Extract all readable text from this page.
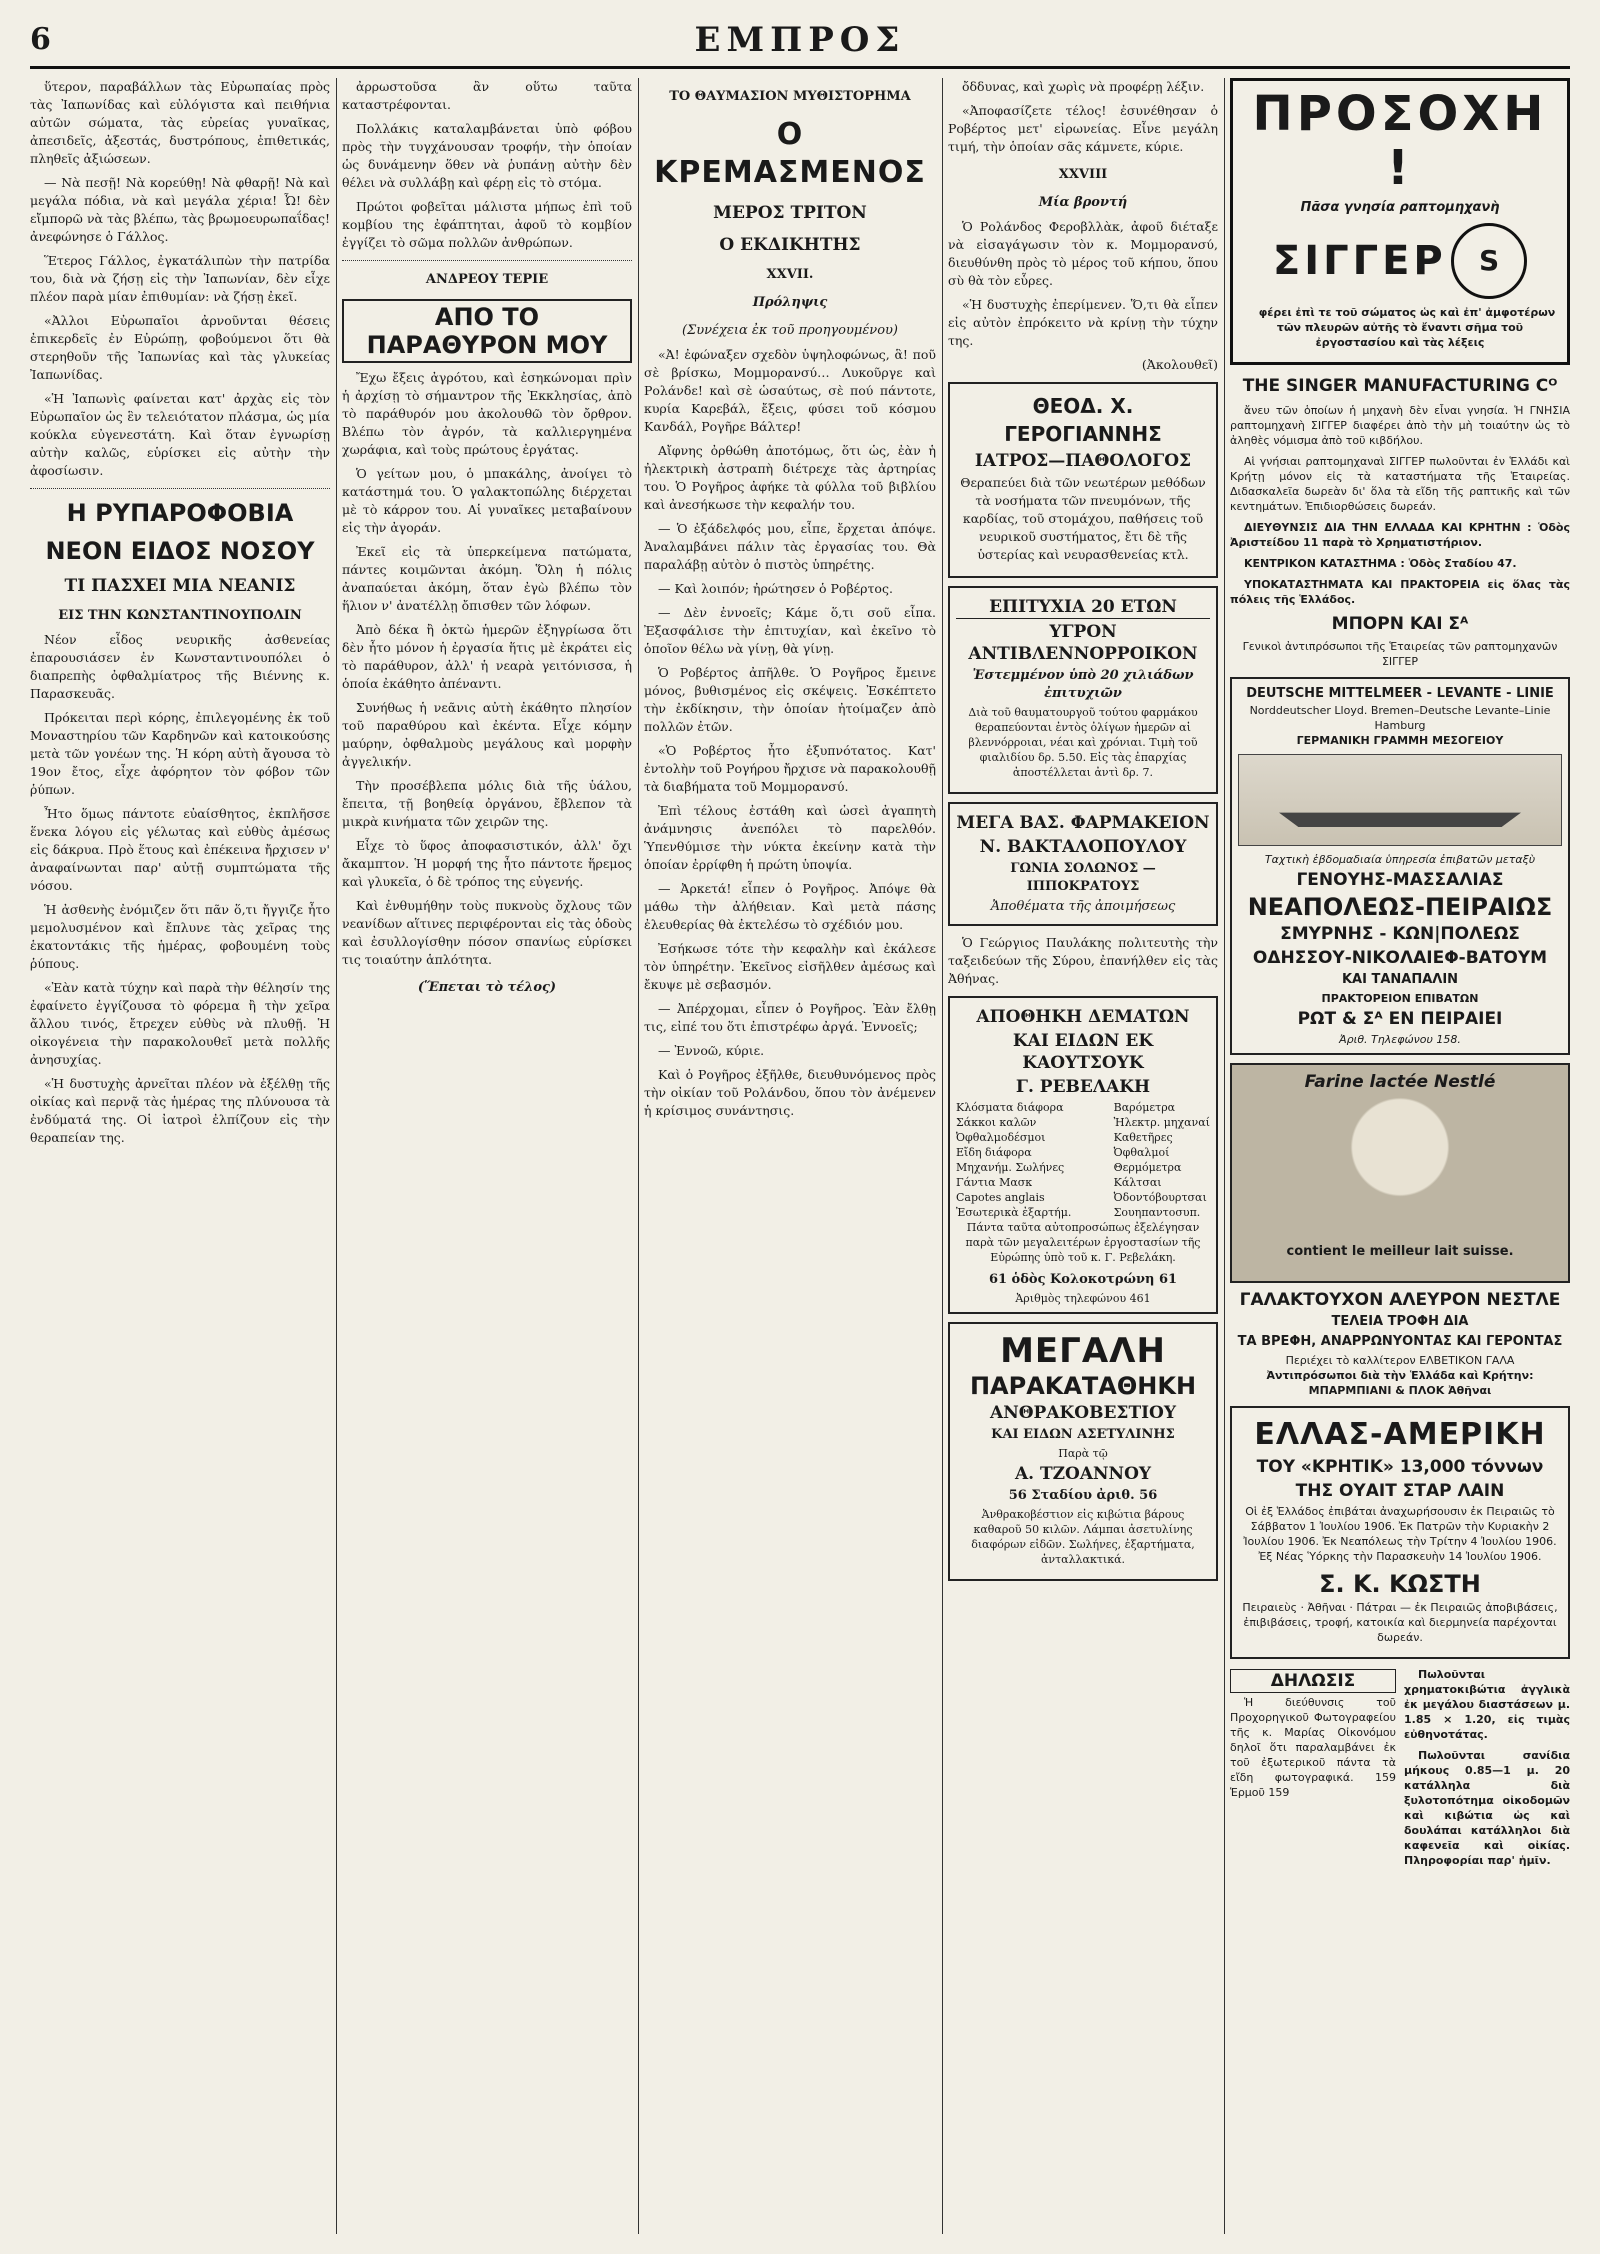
6	ΕΜΠΡΟΣ

ὕτερον, παραβάλλων τὰς Εὐρωπαίας πρὸς τὰς Ἰαπωνίδας καὶ εὐλόγιστα καὶ πειθήνια αὐτῶν σώματα, τὰς εὐρείας γυναῖκας, ἀπεσιδεῖς, ἀξεστάς, δυστρόπους, ἐπιθετικάς, πληθεῖς ἀξιώσεων.

— Νὰ πεσῇ! Νὰ κορεύθῃ! Νὰ φθαρῇ! Νὰ καὶ μεγάλα πόδια, νὰ καὶ μεγάλα χέρια! Ὦ! δὲν εἴμπορῶ νὰ τὰς βλέπω, τὰς βρωμοευρωπαΐδας! ἀνεφώνησε ὁ Γάλλος.

Ἕτερος Γάλλος, ἐγκατάλιπὼν τὴν πατρίδα του, διὰ νὰ ζήσῃ εἰς τὴν Ἰαπωνίαν, δὲν εἶχε πλέον παρὰ μίαν ἐπιθυμίαν: νὰ ζήσῃ ἐκεῖ.

«Ἀλλοι Εὐρωπαῖοι ἀρνοῦνται θέσεις ἐπικερδεῖς ἐν Εὐρώπῃ, φοβούμενοι ὅτι θὰ στερηθοῦν τῆς Ἰαπωνίας καὶ τὰς γλυκείας Ἰαπωνίδας.

«Ἡ Ἰαπωνὶς φαίνεται κατ' ἀρχὰς εἰς τὸν Εὐρωπαῖον ὡς ἓν τελειότατον πλάσμα, ὡς μία κούκλα εὐγενεστάτη. Καὶ ὅταν ἐγνωρίσῃ αὐτὴν καλῶς, εὑρίσκει εἰς αὐτὴν τὴν ἀφοσίωσιν.

Η ΡΥΠΑΡΟΦΟΒΙΑ
ΝΕΟΝ ΕΙΔΟΣ ΝΟΣΟΥ
ΤΙ ΠΑΣΧΕΙ ΜΙΑ ΝΕΑΝΙΣ
ΕΙΣ ΤΗΝ ΚΩΝΣΤΑΝΤΙΝΟΥΠΟΛΙΝ

Νέον εἶδος νευρικῆς ἀσθενείας ἐπαρουσιάσεν ἐν Κωνσταντινουπόλει ὁ διαπρεπὴς ὀφθαλμίατρος τῆς Βιέννης κ. Παρασκευᾶς.

Πρόκειται περὶ κόρης, ἐπιλεγομένης ἐκ τοῦ Μοναστηρίου τῶν Καρδηνῶν καὶ κατοικούσης μετὰ τῶν γονέων της. Ἡ κόρη αὐτὴ ἄγουσα τὸ 19ον ἔτος, εἶχε ἀφόρητον τὸν φόβον τῶν ῥύπων.

Ἦτο ὅμως πάντοτε εὐαίσθητος, ἐκπλῆσσε ἕνεκα λόγου εἰς γέλωτας καὶ εὐθὺς ἀμέσως εἰς δάκρυα. Πρὸ ἕτους καὶ ἐπέκεινα ἤρχισεν ν' ἀναφαίνωνται παρ' αὐτῇ συμπτώματα τῆς νόσου.

Ἡ ἀσθενὴς ἐνόμιζεν ὅτι πᾶν ὅ,τι ἤγγιζε ἦτο μεμολυσμένον καὶ ἔπλυνε τὰς χεῖρας της ἑκατοντάκις τῆς ἡμέρας, φοβουμένη τοὺς ῥύπους.

«Ἐὰν κατὰ τύχην καὶ παρὰ τὴν θέλησίν της ἐφαίνετο ἐγγίζουσα τὸ φόρεμα ἢ τὴν χεῖρα ἄλλου τινός, ἔτρεχεν εὐθὺς νὰ πλυθῇ. Ἡ οἰκογένεια τὴν παρακολουθεῖ μετὰ πολλῆς ἀνησυχίας.

«Ἡ δυστυχὴς ἀρνεῖται πλέον νὰ ἐξέλθῃ τῆς οἰκίας καὶ περνᾷ τὰς ἡμέρας της πλύνουσα τὰ ἐνδύματά της. Οἱ ἰατροὶ ἐλπίζουν εἰς τὴν θεραπείαν της.

ἀρρωστοῦσα ἂν οὕτω ταῦτα καταστρέφονται.

Πολλάκις καταλαμβάνεται ὑπὸ φόβου πρὸς τὴν τυγχάνουσαν τροφήν, τὴν ὁποίαν ὡς δυνάμενην ὅθεν νὰ ῥυπάνῃ αὐτὴν δὲν θέλει νὰ συλλάβῃ καὶ φέρῃ εἰς τὸ στόμα.

Πρώτοι φοβεῖται μάλιστα μήπως ἐπὶ τοῦ κομβίου της ἐφάπτηται, ἀφοῦ τὸ κομβίον ἐγγίζει τὸ σῶμα πολλῶν ἀνθρώπων.

ΑΝΔΡΕΟΥ ΤΕΡΙΕ
ΑΠΟ ΤΟ ΠΑΡΑΘΥΡΟΝ ΜΟΥ

Ἔχω ἔξεις ἀγρότου, καὶ ἐσηκώνομαι πρὶν ἡ ἀρχίσῃ τὸ σήμαντρον τῆς Ἐκκλησίας, ἀπὸ τὸ παράθυρόν μου ἀκολουθῶ τὸν ὄρθρον. Βλέπω τὸν ἀγρόν, τὰ καλλιεργημένα χωράφια, καὶ τοὺς πρώτους ἐργάτας.

Ὁ γείτων μου, ὁ μπακάλης, ἀνοίγει τὸ κατάστημά του. Ὁ γαλακτοπώλης διέρχεται μὲ τὸ κάρρον του. Αἱ γυναῖκες μεταβαίνουν εἰς τὴν ἀγοράν.

Ἐκεῖ εἰς τὰ ὑπερκείμενα πατώματα, πάντες κοιμῶνται ἀκόμη. Ὅλη ἡ πόλις ἀναπαύεται ἀκόμη, ὅταν ἐγὼ βλέπω τὸν ἥλιον ν' ἀνατέλλῃ ὄπισθεν τῶν λόφων.

Ἀπὸ δέκα ἢ ὀκτὼ ἡμερῶν ἐξηγρίωσα ὅτι δὲν ἦτο μόνον ἡ ἐργασία ἥτις μὲ ἐκράτει εἰς τὸ παράθυρον, ἀλλ' ἡ νεαρὰ γειτόνισσα, ἡ ὁποία ἐκάθητο ἀπέναντι.

Συνήθως ἡ νεᾶνις αὐτὴ ἐκάθητο πλησίον τοῦ παραθύρου καὶ ἐκέντα. Εἶχε κόμην μαύρην, ὀφθαλμοὺς μεγάλους καὶ μορφὴν ἀγγελικήν.

Τὴν προσέβλεπα μόλις διὰ τῆς ὑάλου, ἔπειτα, τῇ βοηθείᾳ ὀργάνου, ἔβλεπον τὰ μικρὰ κινήματα τῶν χειρῶν της.

Εἶχε τὸ ὕφος ἀποφασιστικόν, ἀλλ' ὄχι ἄκαμπτον. Ἡ μορφή της ἦτο πάντοτε ἥρεμος καὶ γλυκεῖα, ὁ δὲ τρόπος της εὐγενής.

Καὶ ἐνθυμήθην τοὺς πυκνοὺς ὄχλους τῶν νεανίδων αἵτινες περιφέρονται εἰς τὰς ὁδοὺς καὶ ἐσυλλογίσθην πόσον σπανίως εὑρίσκει τις τοιαύτην ἁπλότητα.

(Ἕπεται τὸ τέλος)
ΤΟ ΘΑΥΜΑΣΙΟΝ ΜΥΘΙΣΤΟΡΗΜΑ
Ο ΚΡΕΜΑΣΜΕΝΟΣ
ΜΕΡΟΣ ΤΡΙΤΟΝ
Ο ΕΚΔΙΚΗΤΗΣ
XXVII.
Πρόληψις
(Συνέχεια ἐκ τοῦ προηγουμένου)

«Ἀ! ἐφώναξεν σχεδὸν ὑψηλοφώνως, ἃ! ποῦ σὲ βρίσκω, Μομμορανσύ… Λυκοῦργε καὶ Ρολάνδε! καὶ σὲ ὡσαύτως, σὲ πού πάντοτε, κυρία Καρεβάλ, ἔξεις, φύσει τοῦ κόσμου Κανδάλ, Ρογῆρε Βάλτερ!

Αἴφνης ὀρθώθη ἀποτόμως, ὅτι ὡς, ἐὰν ἡ ἠλεκτρικὴ ἀστραπὴ διέτρεχε τὰς ἀρτηρίας του. Ὁ Ρογῆρος ἀφήκε τὰ φύλλα τοῦ βιβλίου καὶ ἀνεσήκωσε τὴν κεφαλήν του.

— Ὁ ἐξάδελφός μου, εἶπε, ἔρχεται ἀπόψε. Ἀναλαμβάνει πάλιν τὰς ἐργασίας του. Θὰ παραλάβῃ αὐτὸν ὁ πιστὸς ὑπηρέτης.

— Καὶ λοιπόν; ἠρώτησεν ὁ Ροβέρτος.

— Δὲν ἐννοεῖς; Κάμε ὅ,τι σοῦ εἶπα. Ἐξασφάλισε τὴν ἐπιτυχίαν, καὶ ἐκεῖνο τὸ ὁποῖον θέλω νὰ γίνῃ, θὰ γίνῃ.

Ὁ Ροβέρτος ἀπῆλθε. Ὁ Ρογῆρος ἔμεινε μόνος, βυθισμένος εἰς σκέψεις. Ἐσκέπτετο τὴν ἐκδίκησιν, τὴν ὁποίαν ἠτοίμαζεν ἀπὸ πολλῶν ἐτῶν.

«Ὁ Ροβέρτος ἦτο ἐξυπνότατος. Κατ' ἐντολὴν τοῦ Ρογήρου ἤρχισε νὰ παρακολουθῇ τὰ διαβήματα τοῦ Μομμορανσύ.

Ἐπὶ τέλους ἐστάθη καὶ ὡσεὶ ἀγαπητὴ ἀνάμνησις ἀνεπόλει τὸ παρελθόν. Ὑπενθύμισε τὴν νύκτα ἐκείνην κατὰ τὴν ὁποίαν ἐρρίφθη ἡ πρώτη ὑποψία.

— Ἀρκετά! εἶπεν ὁ Ρογῆρος. Ἀπόψε θὰ μάθω τὴν ἀλήθειαν. Καὶ μετὰ πάσης ἐλευθερίας θὰ ἐκτελέσω τὸ σχέδιόν μου.

Ἐσήκωσε τότε τὴν κεφαλὴν καὶ ἐκάλεσε τὸν ὑπηρέτην. Ἐκεῖνος εἰσῆλθεν ἀμέσως καὶ ἔκυψε μὲ σεβασμόν.

— Ἀπέρχομαι, εἶπεν ὁ Ρογῆρος. Ἐὰν ἔλθῃ τις, εἰπέ του ὅτι ἐπιστρέφω ἀργά. Ἐννοεῖς;

— Ἐννοῶ, κύριε.

Καὶ ὁ Ρογῆρος ἐξῆλθε, διευθυνόμενος πρὸς τὴν οἰκίαν τοῦ Ρολάνδου, ὅπου τὸν ἀνέμενεν ἡ κρίσιμος συνάντησις.

ὄδδυνας, καὶ χωρὶς νὰ προφέρῃ λέξιν.

«Ἀποφασίζετε τέλος! ἐσυνέθησαν ὁ Ροβέρτος μετ' εἰρωνείας. Εἶνε μεγάλη τιμή, τὴν ὁποίαν σᾶς κάμνετε, κύριε.

XXVIII
Μία βροντή

Ὁ Ρολάνδος Φεροβλλὰκ, ἀφοῦ διέταξε νὰ εἰσαγάγωσιν τὸν κ. Μομμορανσύ, διευθύνθη πρὸς τὸ μέρος τοῦ κήπου, ὅπου σὺ θὰ τὸν εὗρες.

«Ἡ δυστυχὴς ἐπερίμενεν. Ὅ,τι θὰ εἶπεν εἰς αὐτὸν ἐπρόκειτο νὰ κρίνῃ τὴν τύχην της.

(Ἀκολουθεῖ)
ΘΕΟΔ. Χ. ΓΕΡΟΓΙΑΝΝΗΣ
ΙΑΤΡΟΣ—ΠΑΘΟΛΟΓΟΣ

Θεραπεύει διὰ τῶν νεωτέρων μεθόδων τὰ νοσήματα τῶν πνευμόνων, τῆς καρδίας, τοῦ στομάχου, παθήσεις τοῦ νευρικοῦ συστήματος, ἔτι δὲ τῆς ὑστερίας καὶ νευρασθενείας κτλ.

ΕΠΙΤΥΧΙΑ 20 ΕΤΩΝ
ΥΓΡΟΝ ΑΝΤΙΒΛΕΝΝΟΡΡΟΙΚΟΝ
Ἐστεμμένον ὑπὸ 20 χιλιάδων ἐπιτυχιῶν

Διὰ τοῦ θαυματουργοῦ τούτου φαρμάκου θεραπεύονται ἐντὸς ὀλίγων ἡμερῶν αἱ βλεννόρροιαι, νέαι καὶ χρόνιαι. Τιμὴ τοῦ φιαλιδίου δρ. 5.50. Εἰς τὰς ἐπαρχίας ἀποστέλλεται ἀντὶ δρ. 7.

ΜΕΓΑ ΒΑΣ. ΦΑΡΜΑΚΕΙΟΝ
Ν. ΒΑΚΤΑΛΟΠΟΥΛΟΥ
ΓΩΝΙΑ ΣΟΛΩΝΟΣ — ΙΠΠΟΚΡΑΤΟΥΣ
Ἀποθέματα τῆς ἀποιμήσεως

Ὁ Γεώργιος Παυλάκης πολιτευτὴς τὴν ταξειδεύων τῆς Σύρου, ἐπανήλθεν εἰς τὰς Ἀθήνας.

ΑΠΟΘΗΚΗ ΔΕΜΑΤΩΝ
ΚΑΙ ΕΙΔΩΝ ΕΚ ΚΑΟΥΤΣΟΥΚ
Γ. ΡΕΒΕΛΑΚΗ
Κλόσματα διάφορα
Σάκκοι καλῶν
Ὀφθαλμοδέσμοι
Εἴδη διάφορα
Μηχανήμ. Σωλήνες
Γάντια Μασκ
Capotes anglais
Ἐσωτερικὰ ἐξαρτήμ.
Βαρόμετρα
Ἠλεκτρ. μηχαναί
Καθετῆρες
Ὀφθαλμοί
Θερμόμετρα
Κάλτσαι
Ὀδοντόβουρτσαι
Σουηπαντοσυπ.

Πάντα ταῦτα αὐτοπροσώπως ἐξελέγησαν παρὰ τῶν μεγαλειτέρων ἐργοστασίων τῆς Εὐρώπης ὑπὸ τοῦ κ. Γ. Ρεβελάκη.

61 ὁδὸς Κολοκοτρώνη 61
Ἀριθμὸς τηλεφώνου 461
ΜΕΓΑΛΗ
ΠΑΡΑΚΑΤΑΘΗΚΗ
ΑΝΘΡΑΚΟΒΕΣΤΙΟΥ
ΚΑΙ ΕΙΔΩΝ ΑΣΕΤΥΛΙΝΗΣ
Παρὰ τῷ
Α. ΤΖΟΑΝΝΟΥ
56 Σταδίου ἀριθ. 56

Ἀνθρακοβέστιον εἰς κιβώτια βάρους καθαροῦ 50 κιλῶν. Λάμπαι ἀσετυλίνης διαφόρων εἰδῶν. Σωλήνες, ἐξαρτήματα, ἀνταλλακτικά.

ΠΡΟΣΟΧΗ !
Πᾶσα γνησία ραπτομηχανὴ
ΣΙΓΓΕΡ S

φέρει ἐπὶ τε τοῦ σώματος ὡς καὶ ἐπ' ἀμφοτέρων τῶν πλευρῶν αὐτῆς τὸ ἔναντι σῆμα τοῦ ἐργοστασίου καὶ τὰς λέξεις

THE SINGER MANUFACTURING Cᴼ

ἄνευ τῶν ὁποίων ἡ μηχανὴ δὲν εἶναι γνησία. Ἡ ΓΝΗΣΙΑ ραπτομηχανὴ ΣΙΓΓΕΡ διαφέρει ἀπὸ τὴν μὴ τοιαύτην ὡς τὸ ἀληθὲς νόμισμα ἀπὸ τοῦ κιβδήλου.

Αἱ γνήσιαι ραπτομηχαναὶ ΣΙΓΓΕΡ πωλοῦνται ἐν Ἑλλάδι καὶ Κρήτῃ μόνον εἰς τὰ καταστήματα τῆς Ἑταιρείας. Διδασκαλεῖα δωρεὰν δι' ὅλα τὰ εἴδη τῆς ραπτικῆς καὶ τῶν κεντημάτων. Ἐπιδιορθώσεις δωρεάν.

ΔΙΕΥΘΥΝΣΙΣ ΔΙΑ ΤΗΝ ΕΛΛΑΔΑ ΚΑΙ ΚΡΗΤΗΝ : Ὁδὸς Ἀριστείδου 11 παρὰ τὸ Χρηματιστήριον.

ΚΕΝΤΡΙΚΟΝ ΚΑΤΑΣΤΗΜΑ : Ὁδὸς Σταδίου 47.

ΥΠΟΚΑΤΑΣΤΗΜΑΤΑ ΚΑΙ ΠΡΑΚΤΟΡΕΙΑ εἰς ὅλας τὰς πόλεις τῆς Ἑλλάδος.

ΜΠΟΡΝ ΚΑΙ Σᴬ
Γενικοὶ ἀντιπρόσωποι τῆς Ἑταιρείας τῶν ραπτομηχανῶν ΣΙΓΓΕΡ
DEUTSCHE MITTELMEER - LEVANTE - LINIE
Norddeutscher Lloyd. Bremen–Deutsche Levante–Linie Hamburg
ΓΕΡΜΑΝΙΚΗ ΓΡΑΜΜΗ ΜΕΣΟΓΕΙΟΥ
Ταχτικὴ ἑβδομαδιαία ὑπηρεσία ἐπιβατῶν μεταξὺ
ΓΕΝΟΥΗΣ-ΜΑΣΣΑΛΙΑΣ
ΝΕΑΠΟΛΕΩΣ-ΠΕΙΡΑΙΩΣ
ΣΜΥΡΝΗΣ - ΚΩΝ|ΠΟΛΕΩΣ
ΟΔΗΣΣΟΥ-ΝΙΚΟΛΑΙΕΦ-ΒΑΤΟΥΜ
ΚΑΙ ΤΑΝΑΠΑΛΙΝ
ΠΡΑΚΤΟΡΕΙΟΝ ΕΠΙΒΑΤΩΝ
ΡΩΤ & Σᴬ ΕΝ ΠΕΙΡΑΙΕΙ
Ἀριθ. Τηλεφώνου 158.
Farine lactée Nestlé
contient le meilleur lait suisse.
ΓΑΛΑΚΤΟΥΧΟΝ ΑΛΕΥΡΟΝ ΝΕΣΤΛΕ
ΤΕΛΕΙΑ ΤΡΟΦΗ ΔΙΑ
ΤΑ ΒΡΕΦΗ, ΑΝΑΡΡΩΝΥΟΝΤΑΣ ΚΑΙ ΓΕΡΟΝΤΑΣ
Περιέχει τὸ καλλίτερον ΕΛΒΕΤΙΚΟΝ ΓΑΛΑ
Ἀντιπρόσωποι διὰ τὴν Ἑλλάδα καὶ Κρήτην: ΜΠΑΡΜΠΙΑΝΙ & ΠΛΟΚ Ἀθῆναι
ΕΛΛΑΣ-ΑΜΕΡΙΚΗ
ΤΟΥ «ΚΡΗΤΙΚ» 13,000 τόννων
ΤΗΣ ΟΥΑΙΤ ΣΤΑΡ ΛΑΙΝ

Οἱ ἐξ Ἑλλάδος ἐπιβάται ἀναχωρήσουσιν ἐκ Πειραιῶς τὸ Σάββατον 1 Ἰουλίου 1906. Ἐκ Πατρῶν τὴν Κυριακὴν 2 Ἰουλίου 1906. Ἐκ Νεαπόλεως τὴν Τρίτην 4 Ἰουλίου 1906. Ἐξ Νέας Ὑόρκης τὴν Παρασκευὴν 14 Ἰουλίου 1906.

Σ. Κ. ΚΩΣΤΗ

Πειραιεὺς · Ἀθῆναι · Πάτραι — ἐκ Πειραιῶς ἀποβιβάσεις, ἐπιβιβάσεις, τροφή, κατοικία καὶ διερμηνεία παρέχονται δωρεάν.

ΔΗΛΩΣΙΣ

Ἡ διεύθυνσις τοῦ Προχορηγικοῦ Φωτογραφείου τῆς κ. Μαρίας Οἰκονόμου δηλοῖ ὅτι παραλαμβάνει ἐκ τοῦ ἐξωτερικοῦ πάντα τὰ εἴδη φωτογραφικά. 159 Ἑρμοῦ 159

Πωλοῦνται χρηματοκιβώτια ἀγγλικὰ ἐκ μεγάλου διαστάσεων μ. 1.85 × 1.20, εἰς τιμὰς εὐθηνοτάτας.

Πωλοῦνται σανίδια μήκους 0.85—1 μ. 20 κατάλληλα διὰ ξυλοτοπότημα οἰκοδομῶν καὶ κιβώτια ὡς καὶ δουλάπαι κατάλληλοι διὰ καφενεῖα καὶ οἰκίας. Πληροφορίαι παρ' ἡμῖν.
